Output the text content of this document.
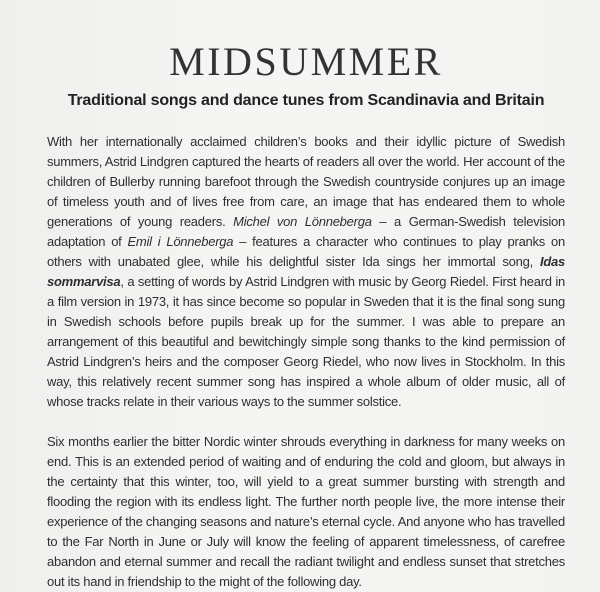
MIDSUMMER
Traditional songs and dance tunes from Scandinavia and Britain

With her internationally acclaimed children’s books and their idyllic picture of Swedish summers, Astrid Lindgren captured the hearts of readers all over the world. Her account of the children of Bullerby running barefoot through the Swedish countryside conjures up an image of timeless youth and of lives free from care, an image that has endeared them to whole generations of young readers. Michel von Lönneberga – a German-Swedish television adaptation of Emil i Lönneberga – features a character who continues to play pranks on others with unabated glee, while his delightful sister Ida sings her immortal song, Idas sommarvisa, a setting of words by Astrid Lindgren with music by Georg Riedel. First heard in a film version in 1973, it has since become so popular in Sweden that it is the final song sung in Swedish schools before pupils break up for the summer. I was able to prepare an arrangement of this beautiful and bewitchingly simple song thanks to the kind permission of Astrid Lindgren’s heirs and the composer Georg Riedel, who now lives in Stockholm. In this way, this relatively recent summer song has inspired a whole album of older music, all of whose tracks relate in their various ways to the summer solstice.

Six months earlier the bitter Nordic winter shrouds everything in darkness for many weeks on end. This is an extended period of waiting and of enduring the cold and gloom, but always in the certainty that this winter, too, will yield to a great summer bursting with strength and flooding the region with its endless light. The further north people live, the more intense their experience of the changing seasons and nature’s eternal cycle. And anyone who has travelled to the Far North in June or July will know the feeling of apparent timelessness, of carefree abandon and eternal summer and recall the radiant twilight and endless sunset that stretches out its hand in friendship to the might of the following day.
